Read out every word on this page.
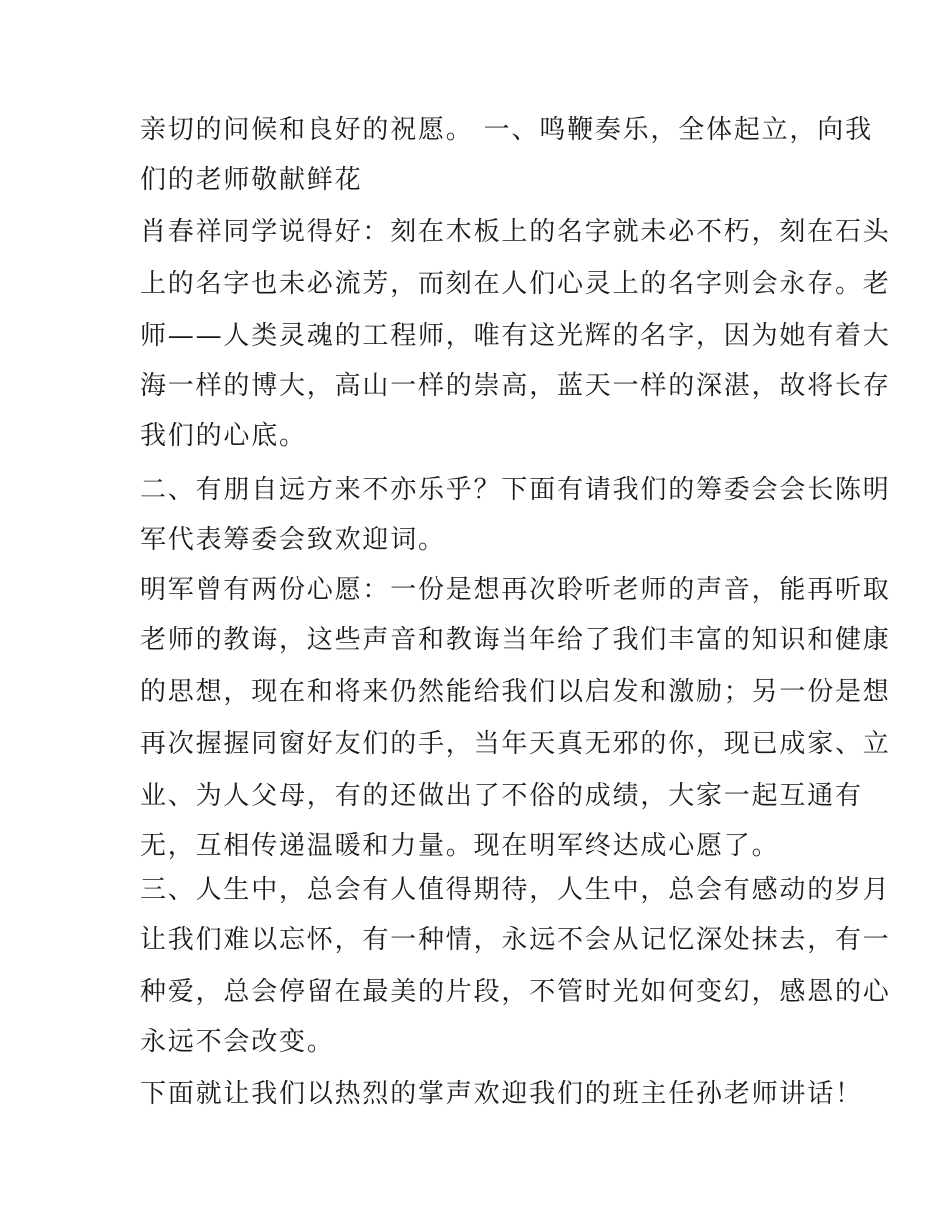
亲切的问候和良好的祝愿。 一、鸣鞭奏乐，全体起立，向我
们的老师敬献鲜花
肖春祥同学说得好：刻在木板上的名字就未必不朽，刻在石头
上的名字也未必流芳，而刻在人们心灵上的名字则会永存。老
师——人类灵魂的工程师，唯有这光辉的名字，因为她有着大
海一样的博大，高山一样的崇高，蓝天一样的深湛，故将长存
我们的心底。
二、有朋自远方来不亦乐乎？下面有请我们的筹委会会长陈明
军代表筹委会致欢迎词。
明军曾有两份心愿：一份是想再次聆听老师的声音，能再听取
老师的教诲，这些声音和教诲当年给了我们丰富的知识和健康
的思想，现在和将来仍然能给我们以启发和激励；另一份是想
再次握握同窗好友们的手，当年天真无邪的你，现已成家、立
业、为人父母，有的还做出了不俗的成绩，大家一起互通有
无，互相传递温暖和力量。现在明军终达成心愿了。
三、人生中，总会有人值得期待，人生中，总会有感动的岁月
让我们难以忘怀，有一种情，永远不会从记忆深处抹去，有一
种爱，总会停留在最美的片段，不管时光如何变幻，感恩的心
永远不会改变。
下面就让我们以热烈的掌声欢迎我们的班主任孙老师讲话！
